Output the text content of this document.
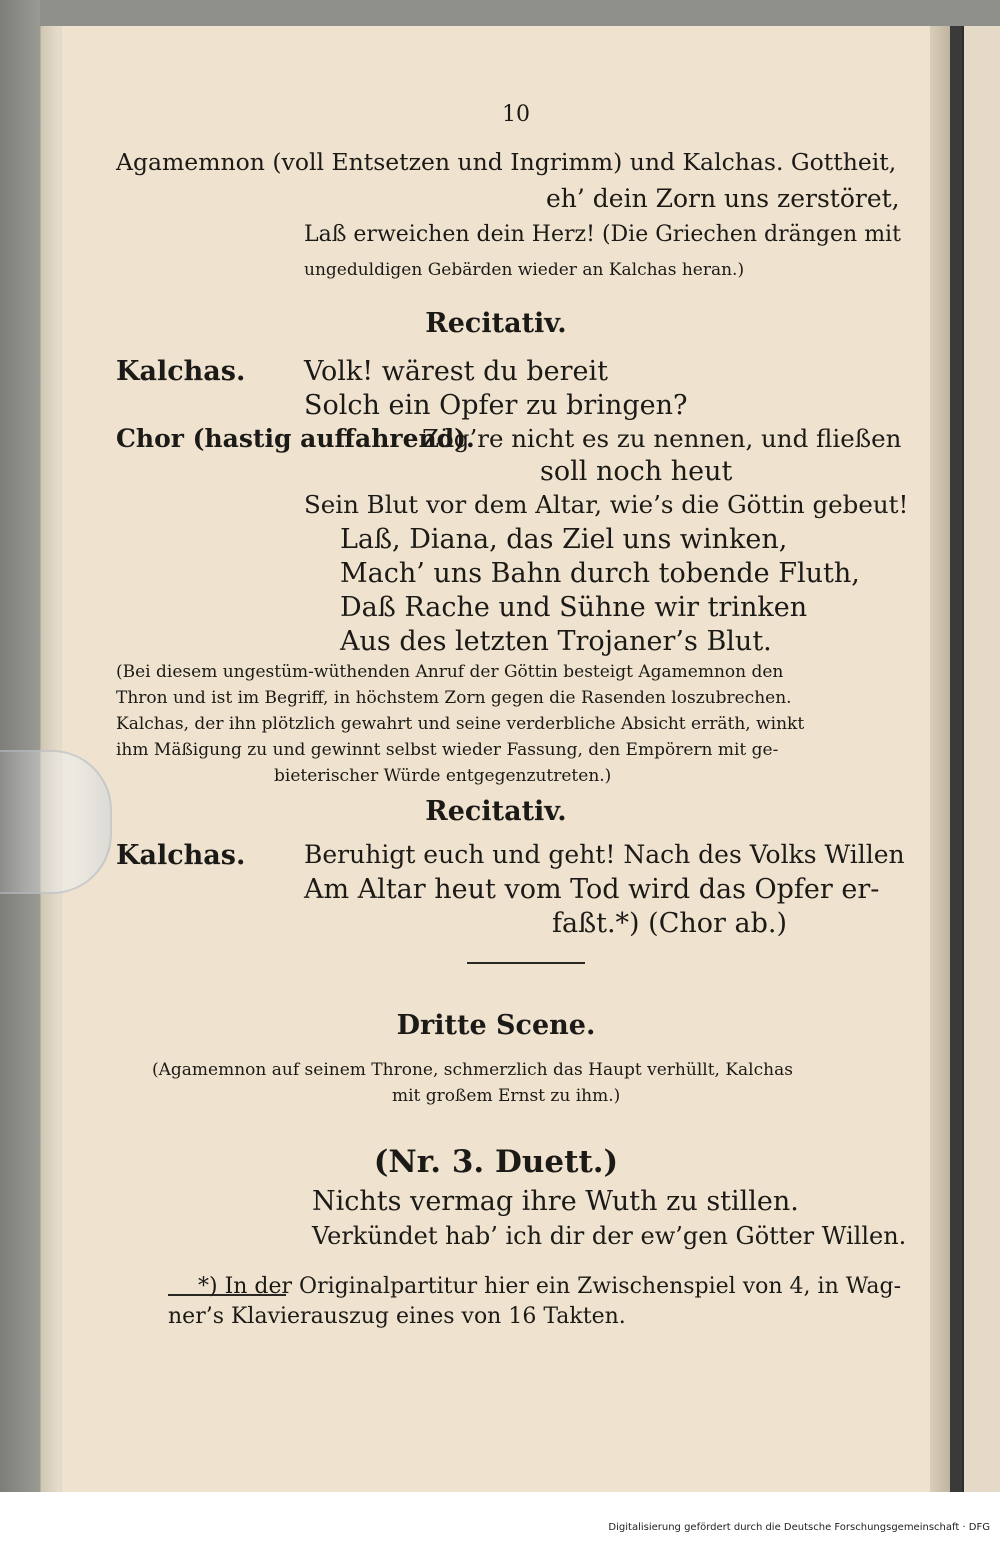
10

Agamemnon (voll Entsetzen und Ingrimm) und Kalchas. Gottheit,

eh’ dein Zorn uns zerstöret,

Laß erweichen dein Herz! (Die Griechen drängen mit

ungeduldigen Gebärden wieder an Kalchas heran.)

Recitativ.

Kalchas. Volk! wärest du bereit

Solch ein Opfer zu bringen?

Chor (hastig auffahrend).

Zög’re nicht es zu nennen, und fließen

soll noch heut

Sein Blut vor dem Altar, wie’s die Göttin gebeut!

Laß, Diana, das Ziel uns winken,

Mach’ uns Bahn durch tobende Fluth,

Daß Rache und Sühne wir trinken

Aus des letzten Trojaner’s Blut.

(Bei diesem ungestüm-wüthenden Anruf der Göttin besteigt Agamemnon den

Thron und ist im Begriff, in höchstem Zorn gegen die Rasenden loszubrechen.

Kalchas, der ihn plötzlich gewahrt und seine verderbliche Absicht erräth, winkt

ihm Mäßigung zu und gewinnt selbst wieder Fassung, den Empörern mit ge-

bieterischer Würde entgegenzutreten.)

Recitativ.

Kalchas. Beruhigt euch und geht! Nach des Volks Willen

Am Altar heut vom Tod wird das Opfer er-

faßt.*) (Chor ab.)

Dritte Scene.

(Agamemnon auf seinem Throne, schmerzlich das Haupt verhüllt, Kalchas

mit großem Ernst zu ihm.)

(Nr. 3. Duett.)

Nichts vermag ihre Wuth zu stillen.

Verkündet hab’ ich dir der ew’gen Götter Willen.

*) In der Originalpartitur hier ein Zwischenspiel von 4, in Wag-

ner’s Klavierauszug eines von 16 Takten.

Digitalisierung gefördert durch die Deutsche Forschungsgemeinschaft · DFG
